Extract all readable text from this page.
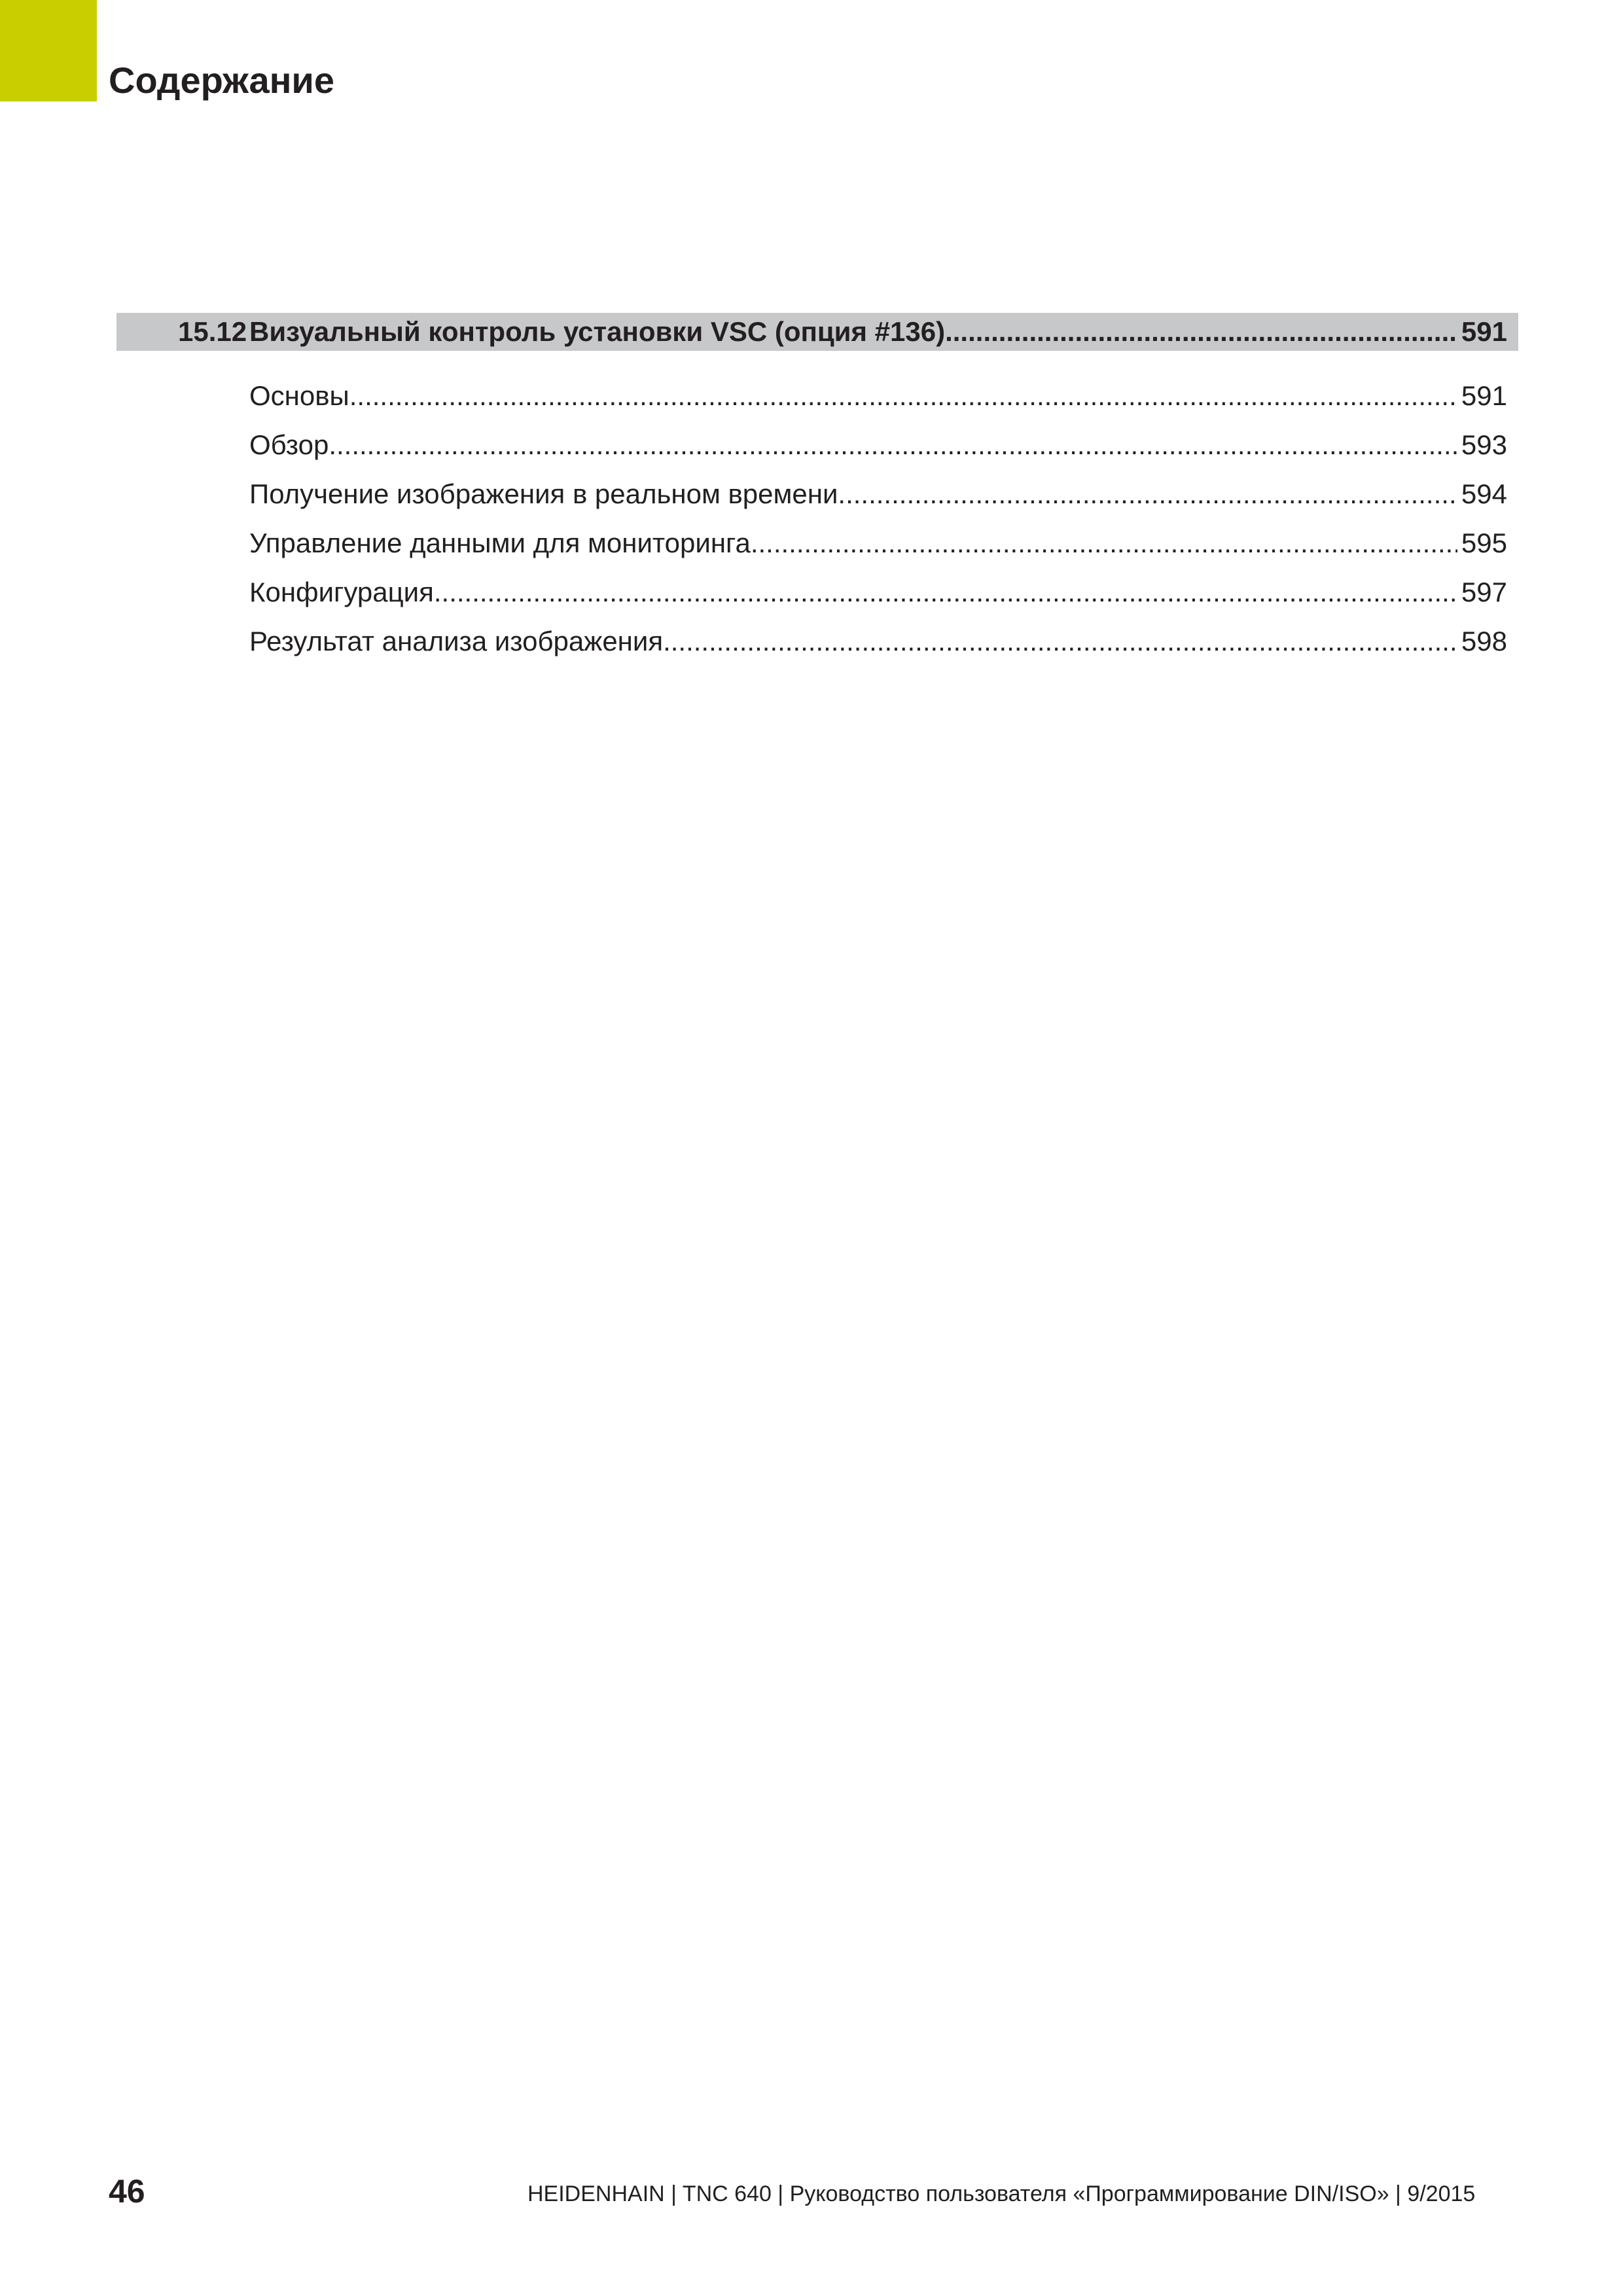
Содержание
15.12 Визуальный контроль установки VSC (опция #136) .....	591
Основы .....	591
Обзор .....	593
Получение изображения в реальном времени .....	594
Управление данными для мониторинга .....	595
Конфигурация .....	597
Результат анализа изображения .....	598
46	HEIDENHAIN | TNC 640 | Руководство пользователя «Программирование DIN/ISO» | 9/2015
